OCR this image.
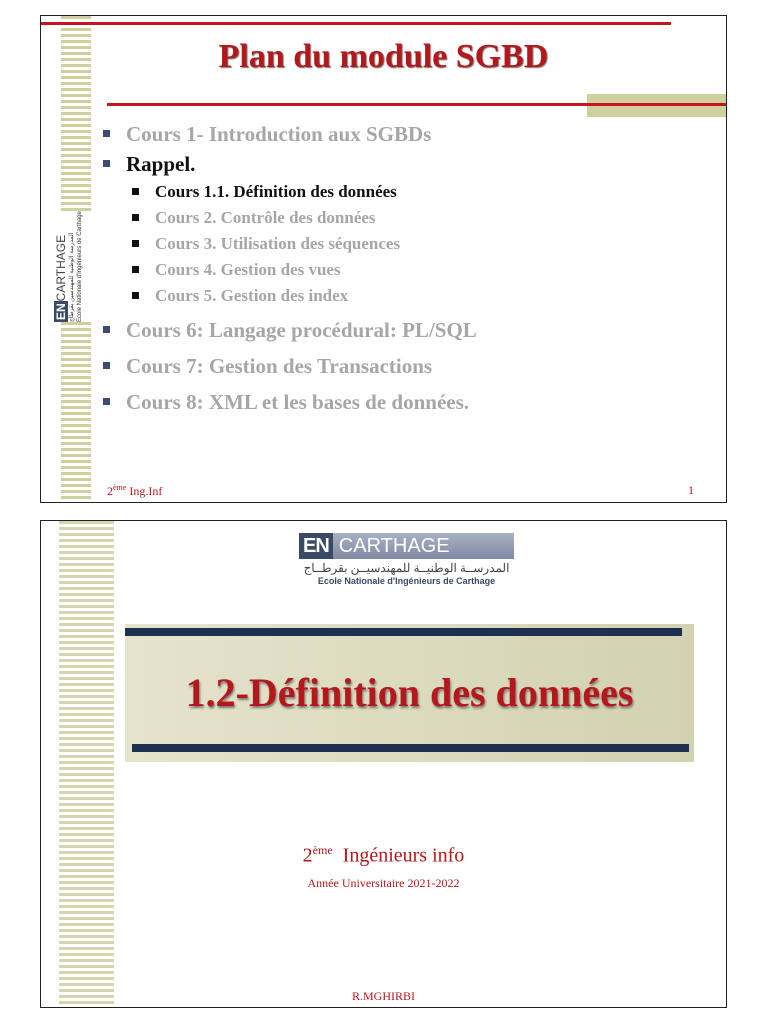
Plan du module SGBD
ENCARTHAGE المدرسة الوطنية للمهندسين بقرطاج Ecole Nationale d'Ingénieurs de Carthage
Cours 1- Introduction aux SGBDs
Rappel.
Cours 1.1. Définition des données
Cours 2. Contrôle des données
Cours 3. Utilisation des séquences
Cours 4. Gestion des vues
Cours 5. Gestion des index
Cours 6: Langage procédural: PL/SQL
Cours 7: Gestion des Transactions
Cours 8: XML et les bases de données.
2ème Ing.Inf	1
EN CARTHAGE
المدرســة الوطنيــة للمهندسيــن بقرطــاج
Ecole Nationale d'Ingénieurs de Carthage
1.2-Définition des données
2ème  Ingénieurs info
Année Universitaire 2021-2022
R.MGHIRBI
